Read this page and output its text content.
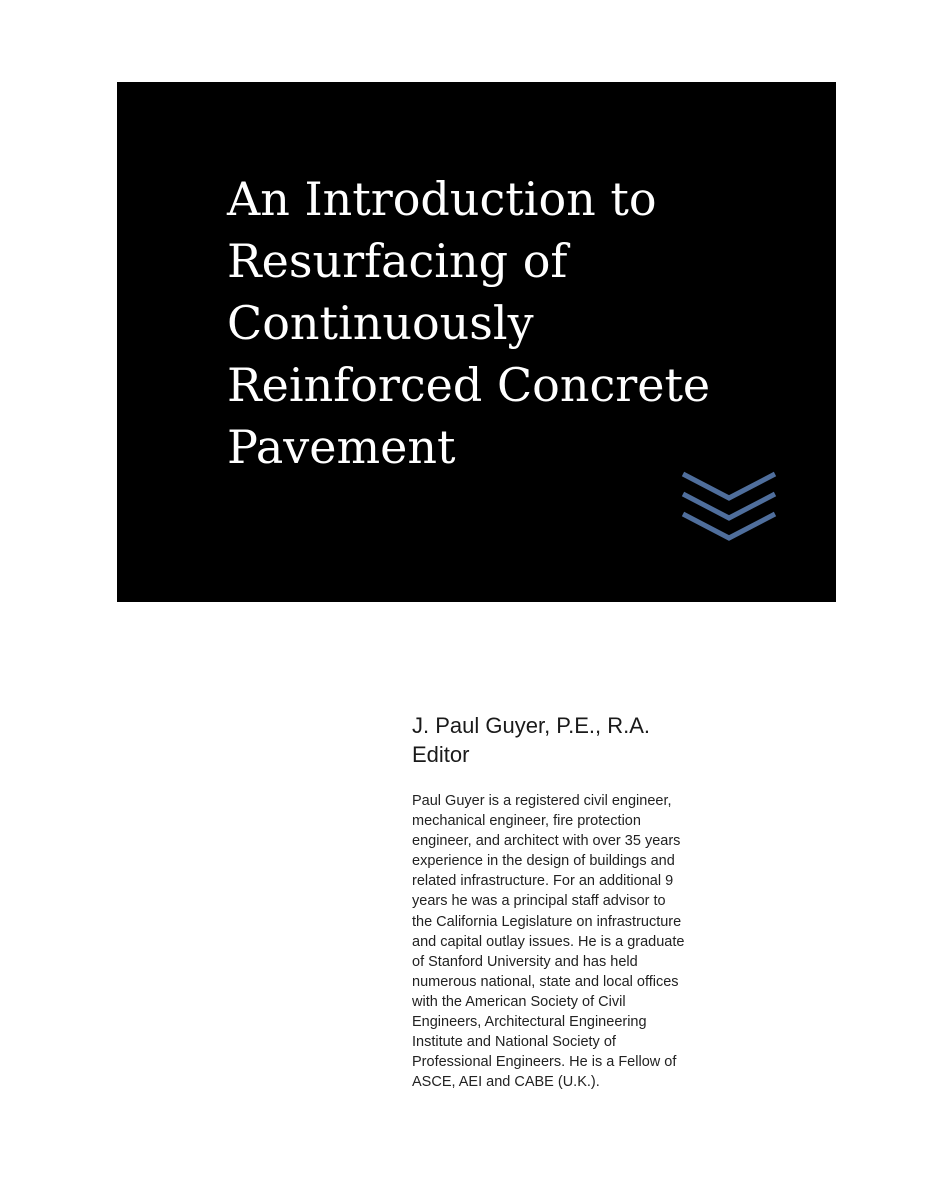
An Introduction to
Resurfacing of
Continuously
Reinforced Concrete
Pavement
J. Paul Guyer, P.E., R.A.
Editor
Paul Guyer is a registered civil engineer,
mechanical engineer, fire protection
engineer, and architect with over 35 years
experience in the design of buildings and
related infrastructure. For an additional 9
years he was a principal staff advisor to
the California Legislature on infrastructure
and capital outlay issues. He is a graduate
of Stanford University and has held
numerous national, state and local offices
with the American Society of Civil
Engineers, Architectural Engineering
Institute and National Society of
Professional Engineers. He is a Fellow of
ASCE, AEI and CABE (U.K.).
